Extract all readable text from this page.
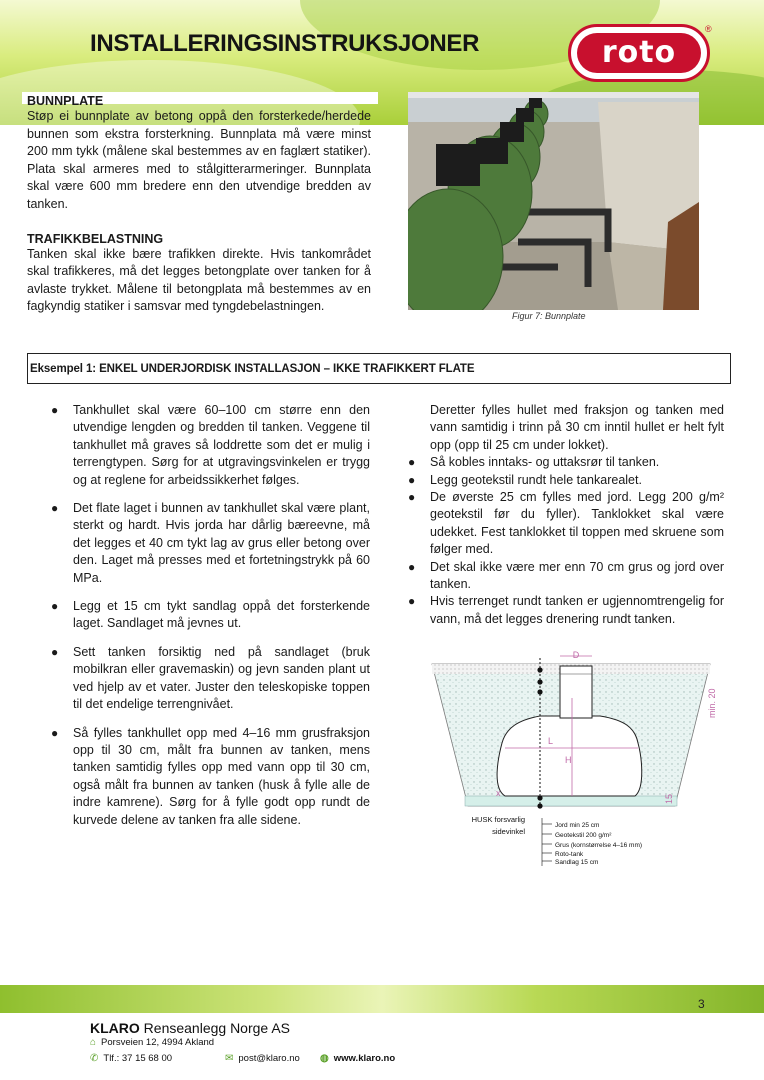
INSTALLERINGSINSTRUKSJONER	roto
®
BUNNPLATE

Støp ei bunnplate av betong oppå den forsterkede/herdede bunnen som ekstra forsterkning. Bunnplata må være minst 200 mm tykk (målene skal bestemmes av en faglært statiker). Plata skal armeres med to stålgitterarmeringer. Bunnplata skal være 600 mm bredere enn den utvendige bredden av tanken.

TRAFIKKBELASTNING

Tanken skal ikke bære trafikken direkte. Hvis tankområdet skal trafikkeres, må det legges betongplate over tanken for å avlaste trykket. Målene til betongplata må bestemmes av en fagkyndig statiker i samsvar med tyngdebelastningen.

Figur 7: Bunnplate
Eksempel 1: ENKEL UNDERJORDISK INSTALLASJON – IKKE TRAFIKKERT FLATE
● Tankhullet skal være 60–100 cm større enn den utvendige lengden og bredden til tanken. Veggene til tankhullet må graves så loddrette som det er mulig i terrengtypen. Sørg for at utgravingsvinkelen er trygg og at reglene for arbeidssikkerhet følges.
● Det flate laget i bunnen av tankhullet skal være plant, sterkt og hardt. Hvis jorda har dårlig bæreevne, må det legges et 40 cm tykt lag av grus eller betong over den. Laget må presses med et fortetningstrykk på 60 MPa.
● Legg et 15 cm tykt sandlag oppå det forsterkende laget. Sandlaget må jevnes ut.
● Sett tanken forsiktig ned på sandlaget (bruk mobilkran eller gravemaskin) og jevn sanden plant ut ved hjelp av et vater. Juster den teleskopiske toppen til det endelige terrengnivået.
● Så fylles tankhullet opp med 4–16 mm grusfraksjon opp til 30 cm, målt fra bunnen av tanken, mens tanken samtidig fylles opp med vann opp til 30 cm, også målt fra bunnen av tanken (husk å fylle alle de indre kamrene). Sørg for å fylle godt opp rundt de kurvede delene av tanken fra alle sidene.
Deretter fylles hullet med fraksjon og tanken med vann samtidig i trinn på 30 cm inntil hullet er helt fylt opp (opp til 25 cm under lokket).
● Så kobles inntaks- og uttaksrør til tanken.
● Legg geotekstil rundt hele tankarealet.
● De øverste 25 cm fylles med jord. Legg 200 g/m² geotekstil før du fyller). Tanklokket skal være udekket. Fest tanklokket til toppen med skruene som følger med.
● Det skal ikke være mer enn 70 cm grus og jord over tanken.
● Hvis terrenget rundt tanken er ugjennomtrengelig for vann, må det legges drenering rundt tanken.
D
L
H
x
min. 20
15
Jord min 25 cm
Geotekstil 200 g/m²
Grus (kornstørrelse 4–16 mm)
Roto-tank
Sandlag 15 cm
HUSK forsvarlig
sidevinkel
3
KLARO Renseanlegg Norge AS
⌂ Porsveien 12, 4994 Akland
✆ Tlf.: 37 15 68 00	✉ post@klaro.no ◍ www.klaro.no
